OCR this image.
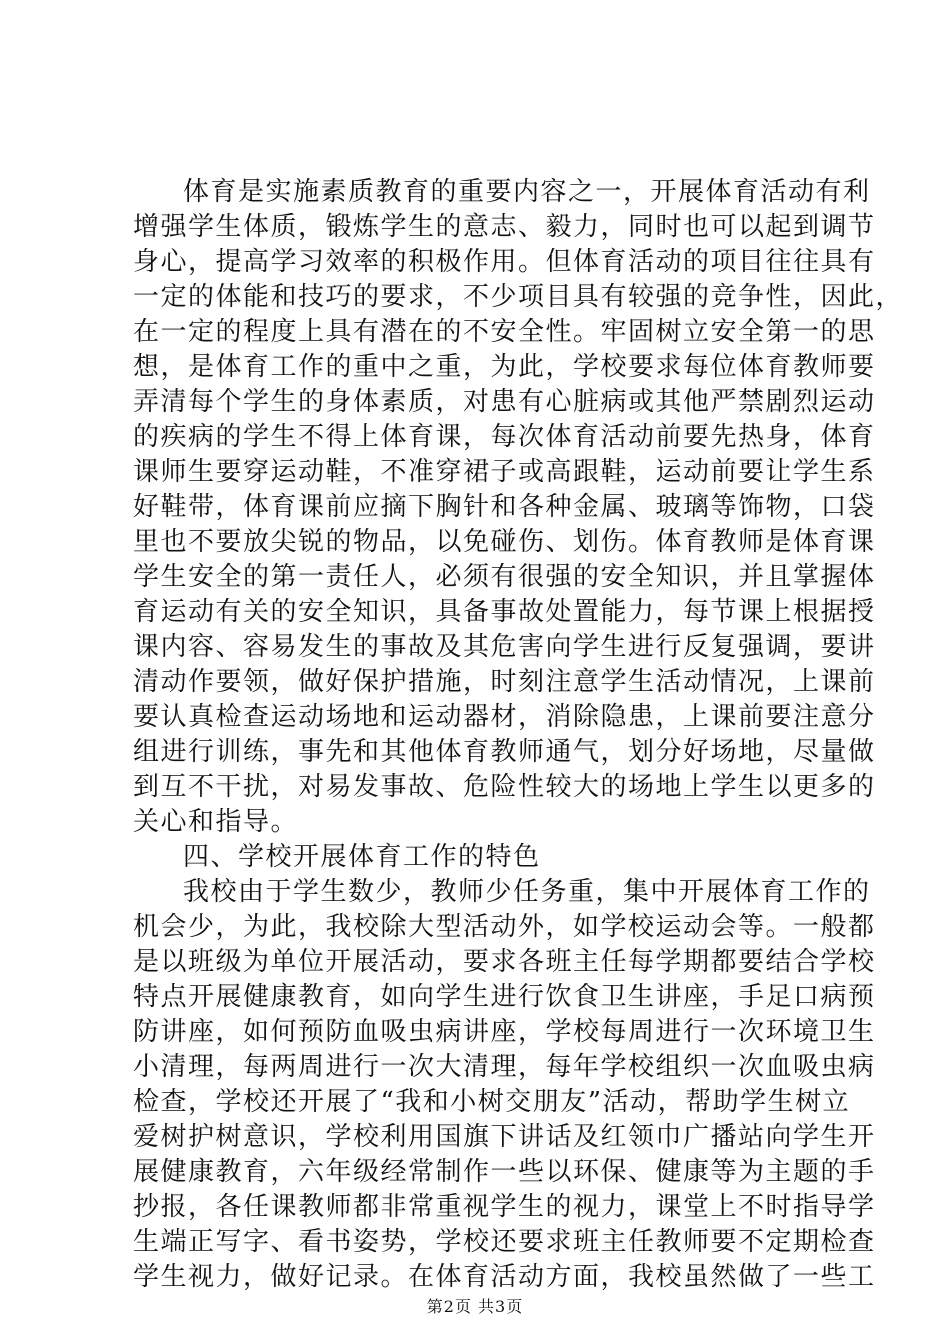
体育是实施素质教育的重要内容之一，开展体育活动有利
增强学生体质，锻炼学生的意志、毅力，同时也可以起到调节
身心，提高学习效率的积极作用。但体育活动的项目往往具有
一定的体能和技巧的要求，不少项目具有较强的竞争性，因此，
在一定的程度上具有潜在的不安全性。牢固树立安全第一的思
想，是体育工作的重中之重，为此，学校要求每位体育教师要
弄清每个学生的身体素质，对患有心脏病或其他严禁剧烈运动
的疾病的学生不得上体育课，每次体育活动前要先热身，体育
课师生要穿运动鞋，不准穿裙子或高跟鞋，运动前要让学生系
好鞋带，体育课前应摘下胸针和各种金属、玻璃等饰物，口袋
里也不要放尖锐的物品，以免碰伤、划伤。体育教师是体育课
学生安全的第一责任人，必须有很强的安全知识，并且掌握体
育运动有关的安全知识，具备事故处置能力，每节课上根据授
课内容、容易发生的事故及其危害向学生进行反复强调，要讲
清动作要领，做好保护措施，时刻注意学生活动情况，上课前
要认真检查运动场地和运动器材，消除隐患，上课前要注意分
组进行训练，事先和其他体育教师通气，划分好场地，尽量做
到互不干扰，对易发事故、危险性较大的场地上学生以更多的
关心和指导。
四、学校开展体育工作的特色
我校由于学生数少，教师少任务重，集中开展体育工作的
机会少，为此，我校除大型活动外，如学校运动会等。一般都
是以班级为单位开展活动，要求各班主任每学期都要结合学校
特点开展健康教育，如向学生进行饮食卫生讲座，手足口病预
防讲座，如何预防血吸虫病讲座，学校每周进行一次环境卫生
小清理，每两周进行一次大清理，每年学校组织一次血吸虫病
检查，学校还开展了“我和小树交朋友”活动，帮助学生树立
爱树护树意识，学校利用国旗下讲话及红领巾广播站向学生开
展健康教育，六年级经常制作一些以环保、健康等为主题的手
抄报，各任课教师都非常重视学生的视力，课堂上不时指导学
生端正写字、看书姿势，学校还要求班主任教师要不定期检查
学生视力，做好记录。在体育活动方面，我校虽然做了一些工
第2页 共3页
